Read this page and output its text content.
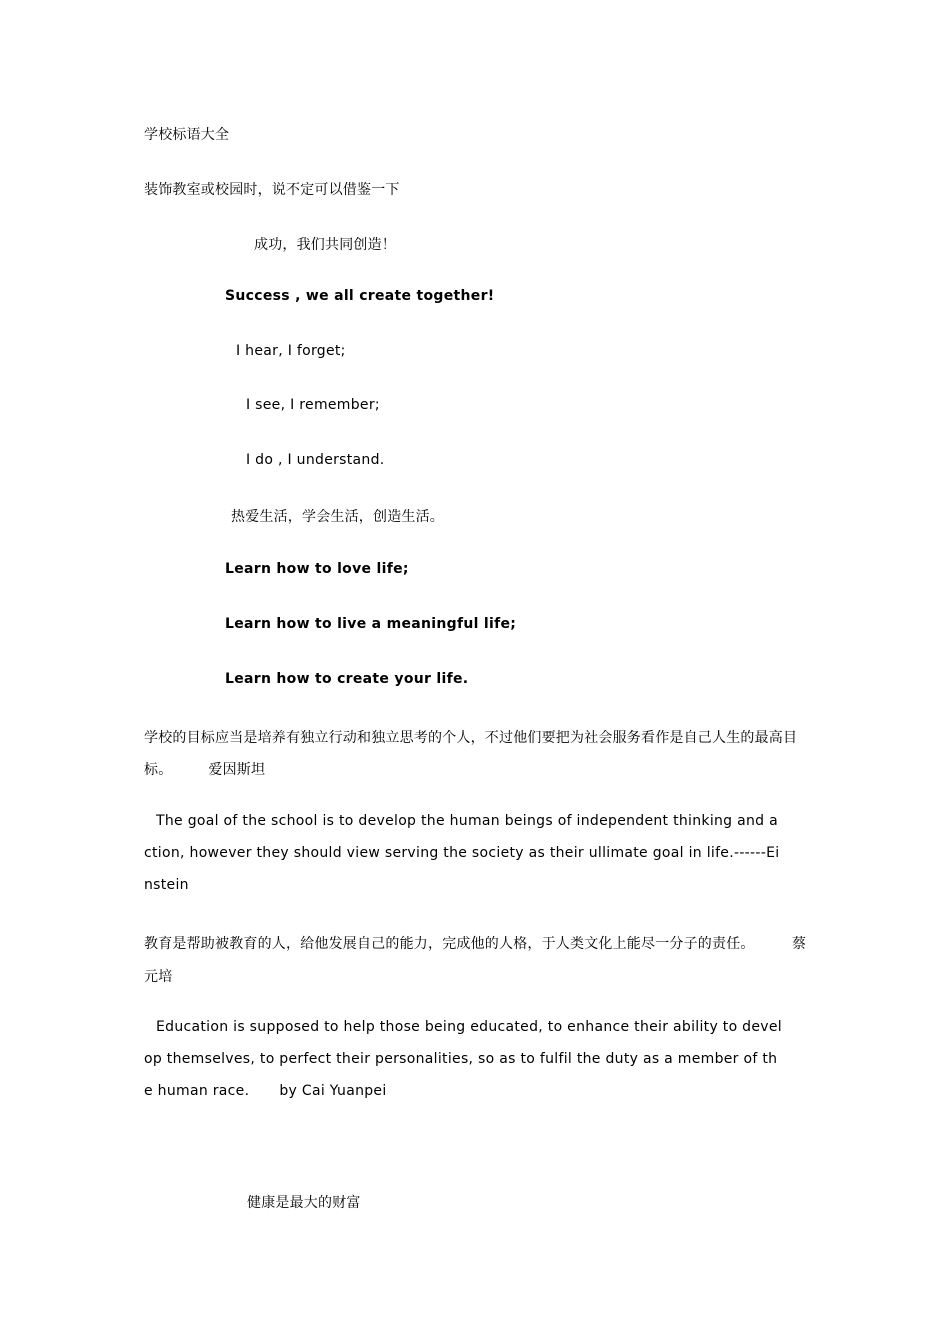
学校标语大全
装饰教室或校园时，说不定可以借鉴一下
成功，我们共同创造！
Success , we all create together!
I hear, I forget;
I see, I remember;
I do , I understand.
热爱生活，学会生活，创造生活。
Learn how to love life;
Learn how to live a meaningful life;
Learn how to create your life.
学校的目标应当是培养有独立行动和独立思考的个人，不过他们要把为社会服务看作是自己人生的最高目
标。	爱因斯坦
The goal of the school is to develop the human beings of independent thinking and a
ction, however they should view serving the society as their ullimate goal in life.------Ei
nstein
教育是帮助被教育的人，给他发展自己的能力，完成他的人格，于人类文化上能尽一分子的责任。	蔡
元培
Education is supposed to help those being educated, to enhance their ability to devel
op themselves, to perfect their personalities, so as to fulfil the duty as a member of th
e human race. by Cai Yuanpei
健康是最大的财富
